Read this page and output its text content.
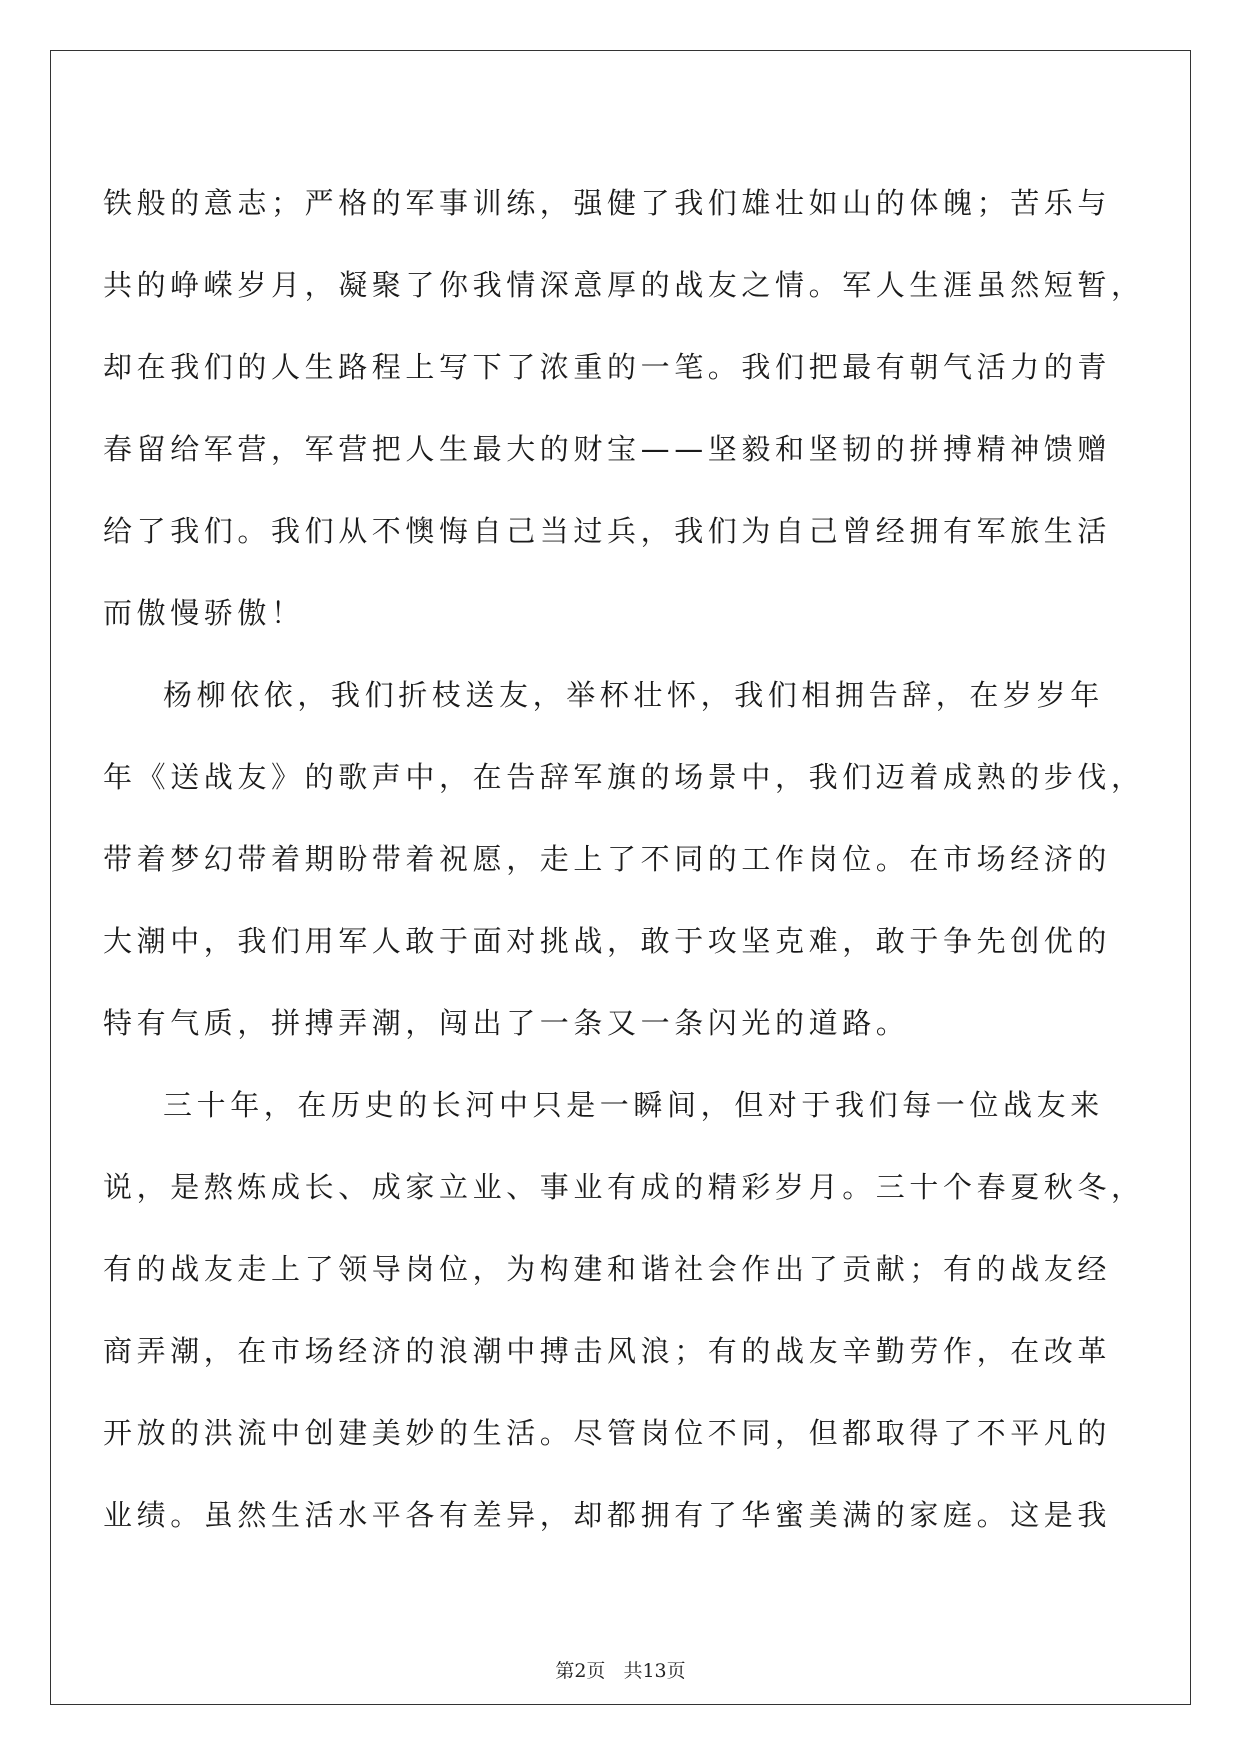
铁般的意志；严格的军事训练，强健了我们雄壮如山的体魄；苦乐与
共的峥嵘岁月，凝聚了你我情深意厚的战友之情。军人生涯虽然短暂，
却在我们的人生路程上写下了浓重的一笔。我们把最有朝气活力的青
春留给军营，军营把人生最大的财宝——坚毅和坚韧的拼搏精神馈赠
给了我们。我们从不懊悔自己当过兵，我们为自己曾经拥有军旅生活
而傲慢骄傲！
杨柳依依，我们折枝送友，举杯壮怀，我们相拥告辞，在岁岁年
年《送战友》的歌声中，在告辞军旗的场景中，我们迈着成熟的步伐，
带着梦幻带着期盼带着祝愿，走上了不同的工作岗位。在市场经济的
大潮中，我们用军人敢于面对挑战，敢于攻坚克难，敢于争先创优的
特有气质，拼搏弄潮，闯出了一条又一条闪光的道路。
三十年，在历史的长河中只是一瞬间，但对于我们每一位战友来
说，是熬炼成长、成家立业、事业有成的精彩岁月。三十个春夏秋冬，
有的战友走上了领导岗位，为构建和谐社会作出了贡献；有的战友经
商弄潮，在市场经济的浪潮中搏击风浪；有的战友辛勤劳作，在改革
开放的洪流中创建美妙的生活。尽管岗位不同，但都取得了不平凡的
业绩。虽然生活水平各有差异，却都拥有了华蜜美满的家庭。这是我
第2页 共13页
